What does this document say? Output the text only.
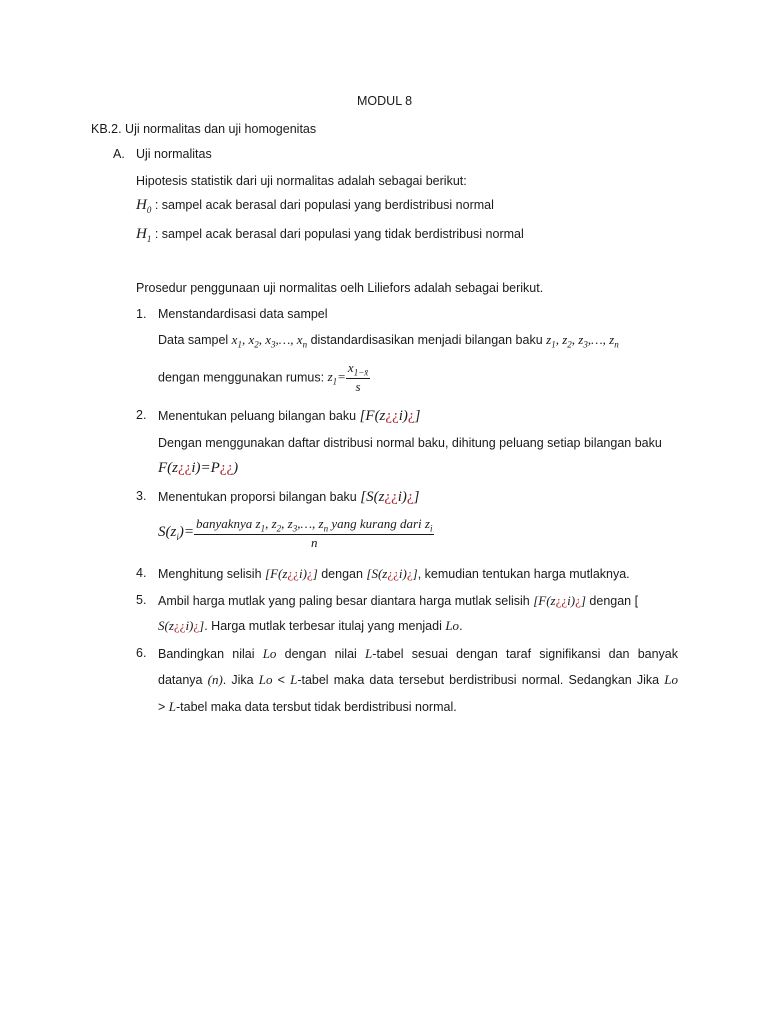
MODUL 8
KB.2. Uji normalitas dan uji homogenitas
A. Uji normalitas
Hipotesis statistik dari uji normalitas adalah sebagai berikut:
$H_0$ : sampel acak berasal dari populasi yang berdistribusi normal
$H_1$ : sampel acak berasal dari populasi yang tidak berdistribusi normal
Prosedur penggunaan uji normalitas oelh Liliefors adalah sebagai berikut.
1. Menstandardisasi data sampel
Data sampel $x_1$, $x_2$, $x_3,\dots$, $x_n$ distandardisasikan menjadi bilangan baku $z_1$, $z_2$, $z_3,\dots$, $z_n$
dengan menggunakan rumus: $z_1= \frac{x_{1-x̄}}{s}$
2. Menentukan peluang bilangan baku [F(z¿¿i)¿]
Dengan menggunakan daftar distribusi normal baku, dihitung peluang setiap bilangan baku
F(z¿¿i)=P¿¿)
3. Menentukan proporsi bilangan baku [S(z¿¿i)¿]
$S(z_i)= \frac{banyaknya z_1, z_2, z_3,\dots, z_n yang kurang dari z_i}{n}$
4. Menghitung selisih [F(z¿¿i)¿] dengan [S(z¿¿i)¿], kemudian tentukan harga mutlaknya.
5. Ambil harga mutlak yang paling besar diantara harga mutlak selisih [F(z¿¿i)¿] dengan [
S(z¿¿i)¿]. Harga mutlak terbesar itulaj yang menjadi Lo.
6. Bandingkan nilai Lo dengan nilai L-tabel sesuai dengan taraf signifikansi dan banyak
datanya (n). Jika Lo < L-tabel maka data tersebut berdistribusi normal. Sedangkan Jika Lo
> L-tabel maka data tersbut tidak berdistribusi normal.
